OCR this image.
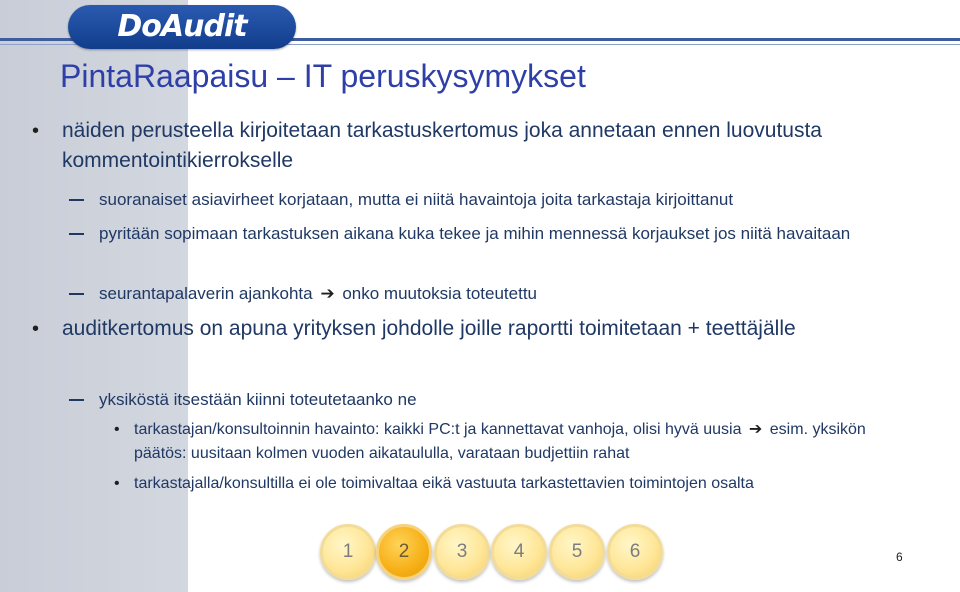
DoAudit
PintaRaapaisu – IT peruskysymykset
• näiden perusteella kirjoitetaan tarkastuskertomus joka annetaan ennen luovutusta kommentointikierrokselle
suoranaiset asiavirheet korjataan, mutta ei niitä havaintoja joita tarkastaja kirjoittanut
pyritään sopimaan tarkastuksen aikana kuka tekee ja mihin mennessä korjaukset jos niitä havaitaan
seurantapalaverin ajankohta ➔ onko muutoksia toteutettu
• auditkertomus on apuna yrityksen johdolle joille raportti toimitetaan + teettäjälle
yksiköstä itsestään kiinni toteutetaanko ne
• tarkastajan/konsultoinnin havainto: kaikki PC:t ja kannettavat vanhoja, olisi hyvä uusia ➔ esim. yksikön päätös: uusitaan kolmen vuoden aikataululla, varataan budjettiin rahat
• tarkastajalla/konsultilla ei ole toimivaltaa eikä vastuuta tarkastettavien toimintojen osalta
1	2	3	4	5	6	6
